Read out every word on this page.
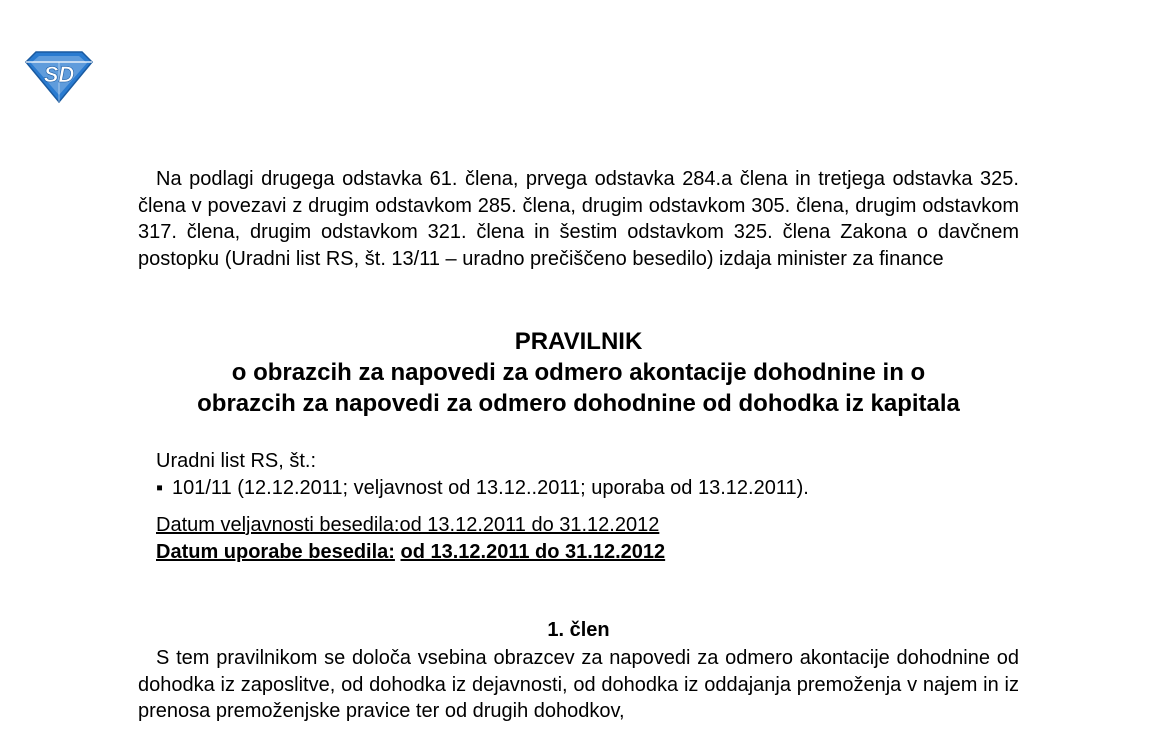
SD

Na podlagi drugega odstavka 61. člena, prvega odstavka 284.a člena in tretjega odstavka 325. člena v povezavi z drugim odstavkom 285. člena, drugim odstavkom 305. člena, drugim odstavkom 317. člena, drugim odstavkom 321. člena in šestim odstavkom 325. člena Zakona o davčnem postopku (Uradni list RS, št. 13/11 – uradno prečiščeno besedilo) izdaja minister za finance

PRAVILNIK
o obrazcih za napovedi za odmero akontacije dohodnine in o
obrazcih za napovedi za odmero dohodnine od dohodka iz kapitala
Uradni list RS, št.:
▪ 101/11 (12.12.2011; veljavnost od 13.12..2011; uporaba od 13.12.2011).
Datum veljavnosti besedila:od 13.12.2011 do 31.12.2012
Datum uporabe besedila: od 13.12.2011 do 31.12.2012
1. člen

S tem pravilnikom se določa vsebina obrazcev za napovedi za odmero akontacije dohodnine od dohodka iz zaposlitve, od dohodka iz dejavnosti, od dohodka iz oddajanja premoženja v najem in iz prenosa premoženjske pravice ter od drugih dohodkov,
